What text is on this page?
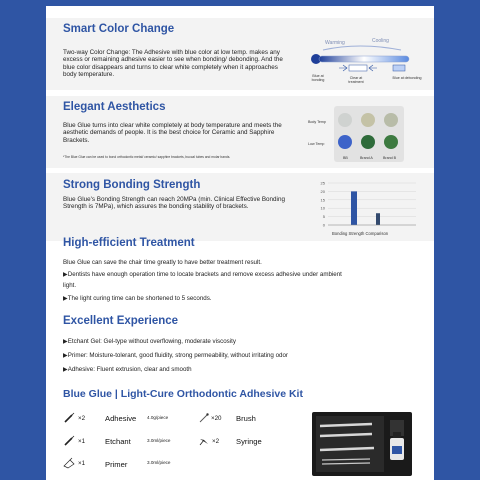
Smart Color Change
Two-way Color Change: The Adhesive with blue color at low temp. makes any excess or remaining adhesive easier to see when bonding/ debonding. And the blue color disappears and turns to clear white completely when it approaches body temperature.
Warming	Cooling
Blue at bonding	Clear at treatment
Blue at debonding
Elegant Aesthetics
Blue Glue turns into clear white completely at body temperature and meets the aesthetic demands of people. It is the best choice for Ceramic and Sapphire Brackets.
*The Blue Glue can be used to bond orthodontic metal/ ceramic/ sapphire brackets, buccal tubes and molar bands.
Body Temp
Low Temp
BB	Brand A	Brand B
Strong Bonding Strength
Blue Glue's Bonding Strength can reach 20MPa (min. Clinical Effective Bonding Strength is 7MPa), which assures the bonding stability of brackets.
0
5
10
15
20
25
Bonding Strength Comparison
High-efficient Treatment
Blue Glue can save the chair time greatly to have better treatment result.
▶Dentists have enough operation time to locate brackets and remove excess adhesive under ambient
light.
▶The light curing time can be shortened to 5 seconds.
Excellent Experience
▶Etchant Gel: Gel-type without overflowing, moderate viscosity
▶Primer: Moisture-tolerant, good fluidity, strong permeability, without irritating odor
▶Adhesive: Fluent extrusion, clear and smooth
Blue Glue | Light-Cure Orthodontic Adhesive Kit
×2	Adhesive 4.0g/piece
×1	Etchant	3.0ml/piece
×1	Primer	3.0ml/piece
×20 Brush
×2 Syringe
